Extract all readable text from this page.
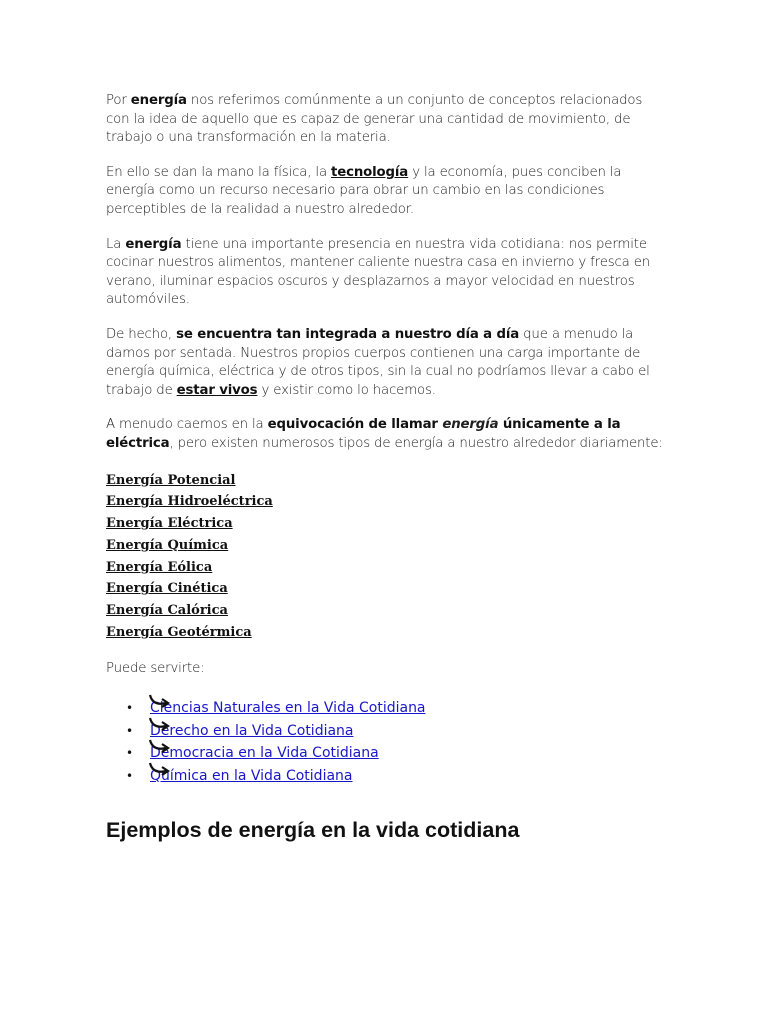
Por energía nos referimos comúnmente a un conjunto de conceptos relacionados con la idea de aquello que es capaz de generar una cantidad de movimiento, de trabajo o una transformación en la materia.

En ello se dan la mano la física, la tecnología y la economía, pues conciben la energía como un recurso necesario para obrar un cambio en las condiciones perceptibles de la realidad a nuestro alrededor.

La energía tiene una importante presencia en nuestra vida cotidiana: nos permite cocinar nuestros alimentos, mantener caliente nuestra casa en invierno y fresca en verano, iluminar espacios oscuros y desplazarnos a mayor velocidad en nuestros automóviles.

De hecho, se encuentra tan integrada a nuestro día a día que a menudo la damos por sentada. Nuestros propios cuerpos contienen una carga importante de energía química, eléctrica y de otros tipos, sin la cual no podríamos llevar a cabo el trabajo de estar vivos y existir como lo hacemos.

A menudo caemos en la equivocación de llamar energía únicamente a la eléctrica, pero existen numerosos tipos de energía a nuestro alrededor diariamente:

Energía Potencial
Energía Hidroeléctrica
Energía Eléctrica
Energía Química
Energía Eólica
Energía Cinética
Energía Calórica
Energía Geotérmica

Puede servirte:

• Ciencias Naturales en la Vida Cotidiana
• Derecho en la Vida Cotidiana
• Democracia en la Vida Cotidiana
• Química en la Vida Cotidiana
Ejemplos de energía en la vida cotidiana
